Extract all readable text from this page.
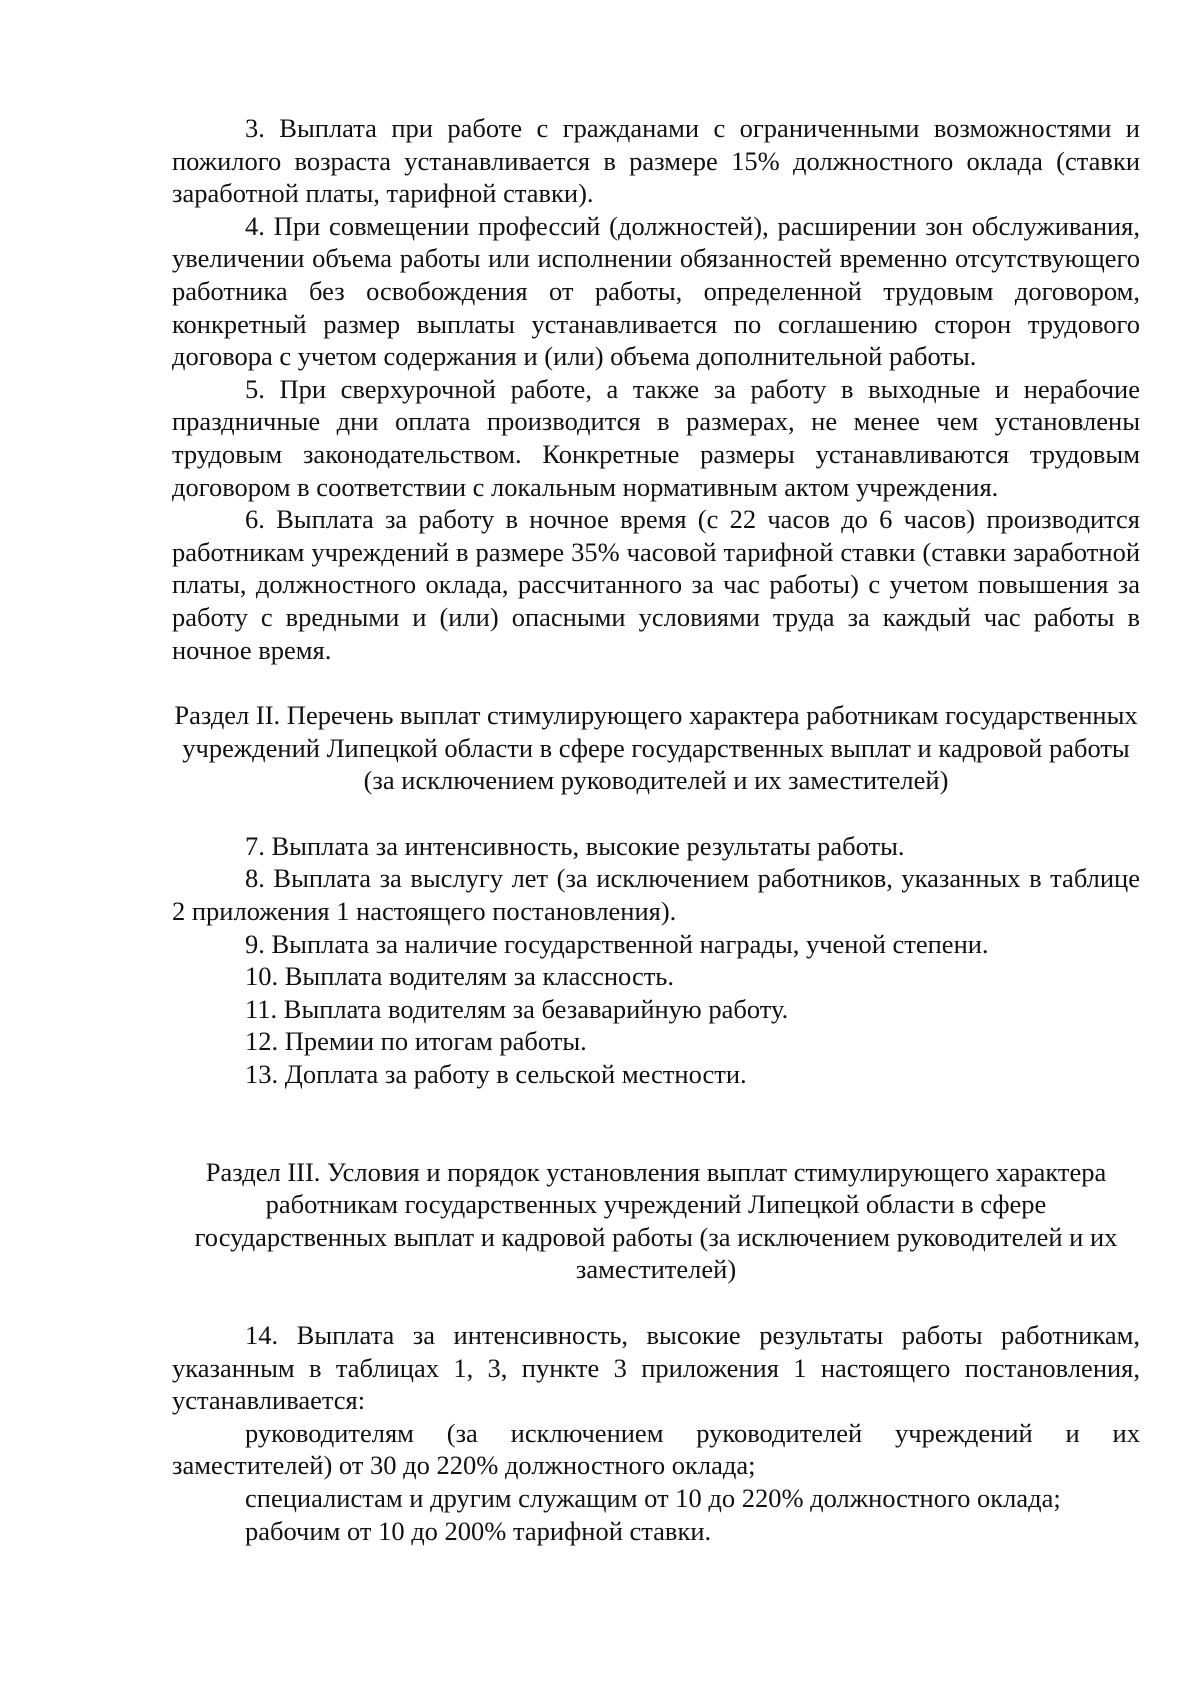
3. Выплата при работе с гражданами с ограниченными возможностями и пожилого возраста устанавливается в размере 15% должностного оклада (ставки заработной платы, тарифной ставки).

4. При совмещении профессий (должностей), расширении зон обслуживания, увеличении объема работы или исполнении обязанностей временно отсутствующего работника без освобождения от работы, определенной трудовым договором, конкретный размер выплаты устанавливается по соглашению сторон трудового договора с учетом содержания и (или) объема дополнительной работы.

5. При сверхурочной работе, а также за работу в выходные и нерабочие праздничные дни оплата производится в размерах, не менее чем установлены трудовым законодательством. Конкретные размеры устанавливаются трудовым договором в соответствии с локальным нормативным актом учреждения.

6. Выплата за работу в ночное время (с 22 часов до 6 часов) производится работникам учреждений в размере 35% часовой тарифной ставки (ставки заработной платы, должностного оклада, рассчитанного за час работы) с учетом повышения за работу с вредными и (или) опасными условиями труда за каждый час работы в ночное время.

Раздел II. Перечень выплат стимулирующего характера работникам государственных учреждений Липецкой области в сфере государственных выплат и кадровой работы (за исключением руководителей и их заместителей)

7. Выплата за интенсивность, высокие результаты работы.

8. Выплата за выслугу лет (за исключением работников, указанных в таблице 2 приложения 1 настоящего постановления).

9. Выплата за наличие государственной награды, ученой степени.

10. Выплата водителям за классность.

11. Выплата водителям за безаварийную работу.

12. Премии по итогам работы.

13. Доплата за работу в сельской местности.

Раздел III. Условия и порядок установления выплат стимулирующего характера работникам государственных учреждений Липецкой области в сфере государственных выплат и кадровой работы (за исключением руководителей и их заместителей)

14. Выплата за интенсивность, высокие результаты работы работникам, указанным в таблицах 1, 3, пункте 3 приложения 1 настоящего постановления, устанавливается:

руководителям (за исключением руководителей учреждений и их заместителей) от 30 до 220% должностного оклада;

специалистам и другим служащим от 10 до 220% должностного оклада;

рабочим от 10 до 200% тарифной ставки.
